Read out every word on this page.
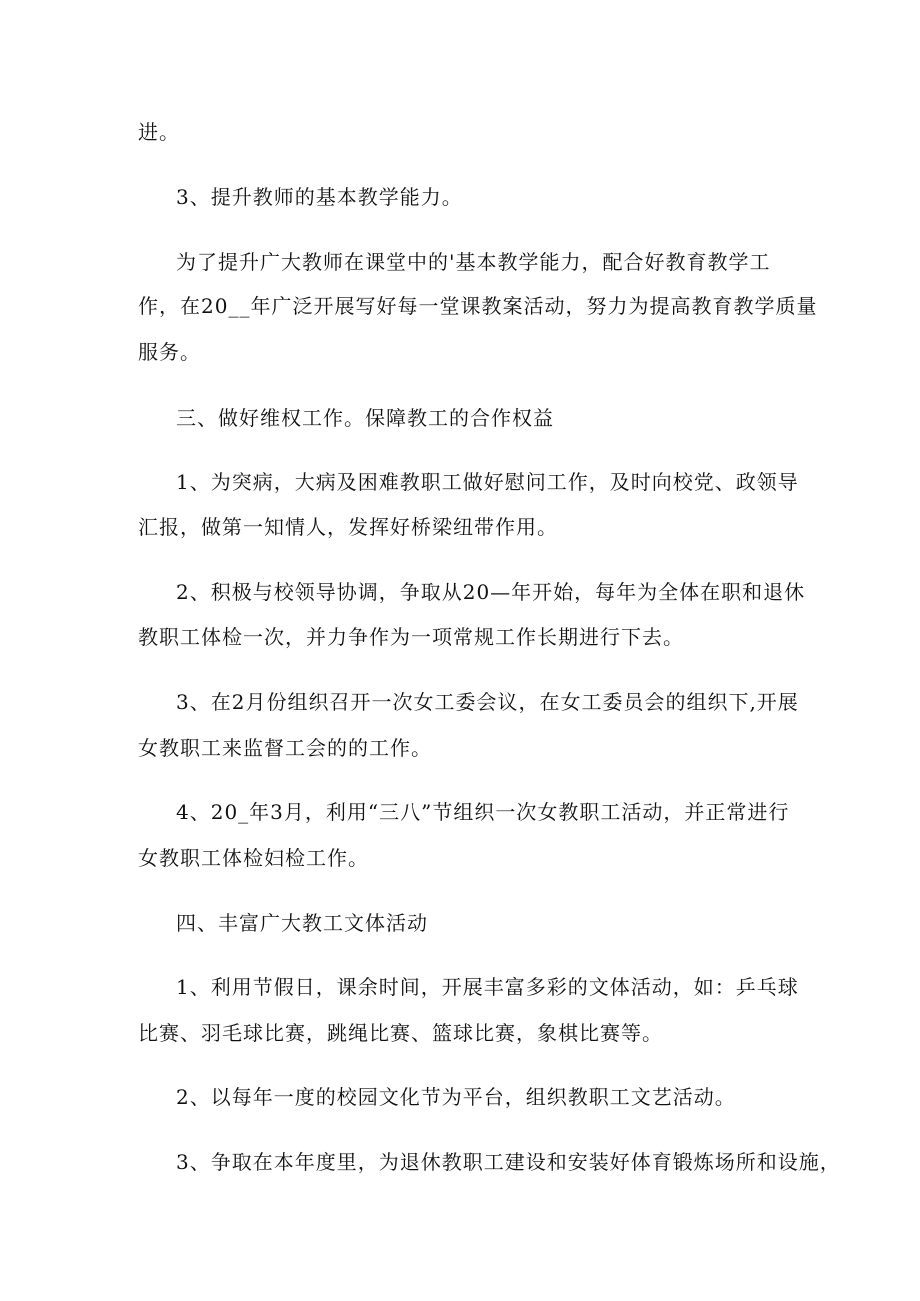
进。
3、提升教师的基本教学能力。
为了提升广大教师在课堂中的'基本教学能力，配合好教育教学工
作，在20__年广泛开展写好每一堂课教案活动，努力为提高教育教学质量
服务。
三、做好维权工作。保障教工的合作权益
1、为突病，大病及困难教职工做好慰问工作，及时向校党、政领导
汇报，做第一知情人，发挥好桥梁纽带作用。
2、积极与校领导协调，争取从20—年开始，每年为全体在职和退休
教职工体检一次，并力争作为一项常规工作长期进行下去。
3、在2月份组织召开一次女工委会议，在女工委员会的组织下,开展
女教职工来监督工会的的工作。
4、20_年3月，利用“三八”节组织一次女教职工活动，并正常进行
女教职工体检妇检工作。
四、丰富广大教工文体活动
1、利用节假日，课余时间，开展丰富多彩的文体活动，如：乒乓球
比赛、羽毛球比赛，跳绳比赛、篮球比赛，象棋比赛等。
2、以每年一度的校园文化节为平台，组织教职工文艺活动。
3、争取在本年度里，为退休教职工建设和安装好体育锻炼场所和设施，
